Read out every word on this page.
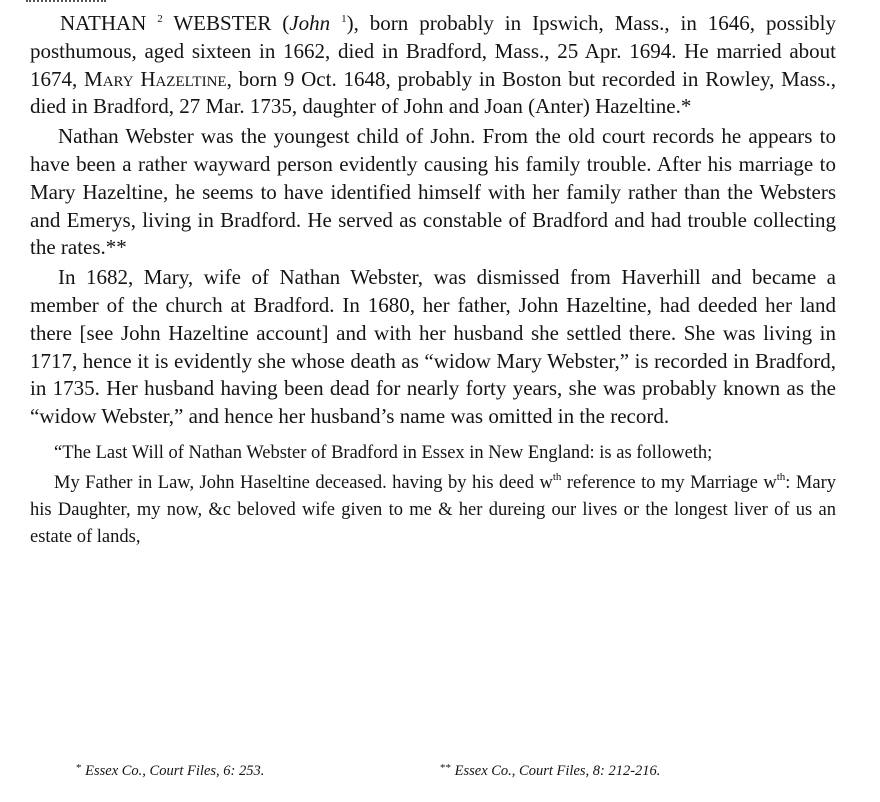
NATHAN $^2$ WEBSTER (John $^1$), born probably in Ipswich, Mass., in 1646, possibly posthumous, aged sixteen in 1662, died in Bradford, Mass., 25 Apr. 1694. He married about 1674, Mary Hazeltine, born 9 Oct. 1648, probably in Boston but recorded in Rowley, Mass., died in Bradford, 27 Mar. 1735, daughter of John and Joan (Anter) Hazeltine.*

Nathan Webster was the youngest child of John. From the old court records he appears to have been a rather wayward person evidently causing his family trouble. After his marriage to Mary Hazeltine, he seems to have identified himself with her family rather than the Websters and Emerys, living in Bradford. He served as constable of Bradford and had trouble collecting the rates.**

In 1682, Mary, wife of Nathan Webster, was dismissed from Haverhill and became a member of the church at Bradford. In 1680, her father, John Hazeltine, had deeded her land there [see John Hazeltine account] and with her husband she settled there. She was living in 1717, hence it is evidently she whose death as “widow Mary Webster,” is recorded in Bradford, in 1735. Her husband having been dead for nearly forty years, she was probably known as the “widow Webster,” and hence her husband’s name was omitted in the record.

“The Last Will of Nathan Webster of Bradford in Essex in New England: is as followeth;

My Father in Law, John Haseltine deceased. having by his deed $w^{th}$ reference to my Marriage $w^{th}$: Mary his Daughter, my now, &c beloved wife given to me & her dureing our lives or the longest liver of us an estate of lands,

* Essex Co., Court Files, 6: 253.	** Essex Co., Court Files, 8: 212-216.
